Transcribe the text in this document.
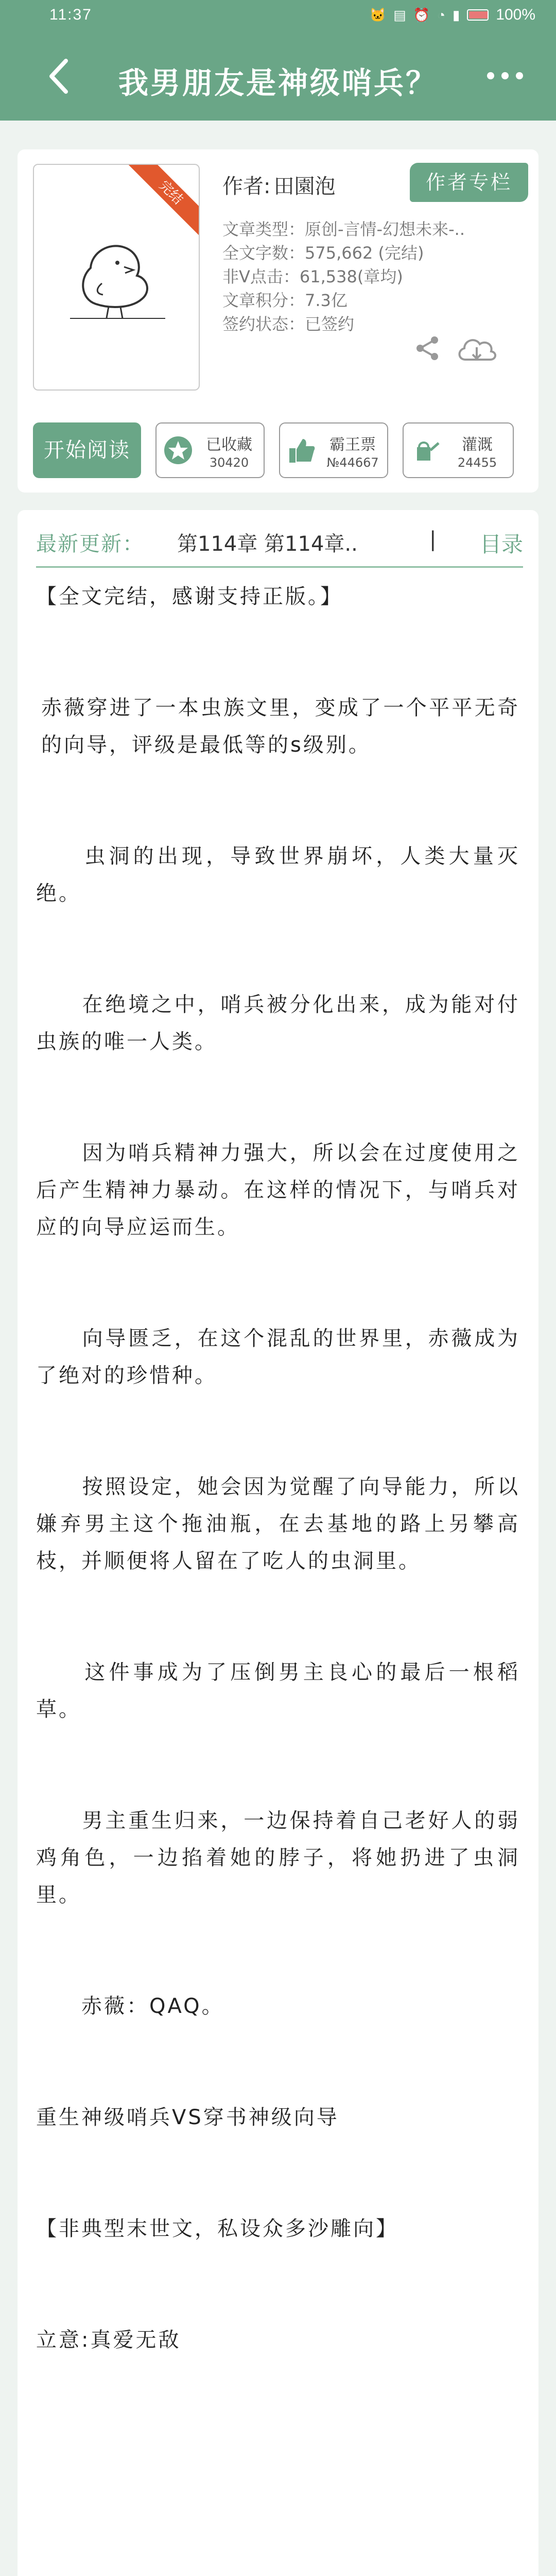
11:37	🐱 ▤ ⏰ ◔ ▮ 100%
我男朋友是神级哨兵？
完结	作者: 田園泡	作者专栏
文章类型：原创-言情-幻想未来-..
全文字数：575,662 (完结)
非V点击：61,538(章均)
文章积分：7.3亿
签约状态：已签约
开始阅读	已收藏
30420
霸王票
№44667
灌溉
24455
最新更新： 第114章 第114章..	| 目录
【全文完结，感谢支持正版。】
赤薇穿进了一本虫族文里，变成了一个平平无奇的向导，评级是最低等的s级别。
　　虫洞的出现，导致世界崩坏，人类大量灭绝。
　　在绝境之中，哨兵被分化出来，成为能对付虫族的唯一人类。
　　因为哨兵精神力强大，所以会在过度使用之后产生精神力暴动。在这样的情况下，与哨兵对应的向导应运而生。
　　向导匮乏，在这个混乱的世界里，赤薇成为了绝对的珍惜种。
　　按照设定，她会因为觉醒了向导能力，所以嫌弃男主这个拖油瓶，在去基地的路上另攀高枝，并顺便将人留在了吃人的虫洞里。
　　这件事成为了压倒男主良心的最后一根稻草。
　　男主重生归来，一边保持着自己老好人的弱鸡角色，一边掐着她的脖子，将她扔进了虫洞里。
　　赤薇：QAQ。
重生神级哨兵VS穿书神级向导
【非典型末世文，私设众多沙雕向】
立意:真爱无敌
